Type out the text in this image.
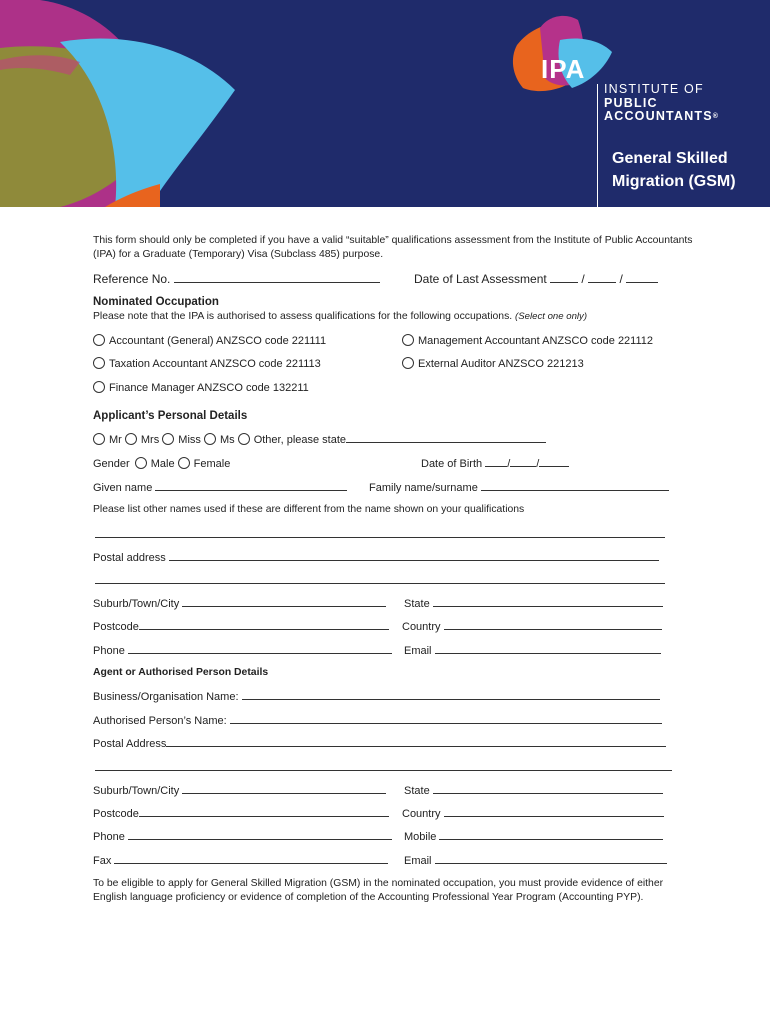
IPA
INSTITUTE OF
PUBLIC
ACCOUNTANTS®
General Skilled
Migration (GSM)
This form should only be completed if you have a valid “suitable” qualifications assessment from the Institute of Public Accountants (IPA) for a Graduate (Temporary) Visa (Subclass 485) purpose.
Reference No.	Date of Last Assessment	/	/
Nominated Occupation
Please note that the IPA is authorised to assess qualifications for the following occupations. (Select one only)
Accountant (General) ANZSCO code 221111	Management Accountant ANZSCO code 221112
Taxation Accountant ANZSCO code 221113	External Auditor ANZSCO 221213
Finance Manager ANZSCO code 132211
Applicant’s Personal Details
Mr Mrs Miss Ms Other, please state
Gender Male Female	Date of Birth / /
Given name	Family name/surname
Please list other names used if these are different from the name shown on your qualifications
Postal address
Suburb/Town/City	State
Postcode	Country
Phone	Email
Agent or Authorised Person Details
Business/Organisation Name:
Authorised Person’s Name:
Postal Address
Suburb/Town/City	State
Postcode	Country
Phone	Mobile
Fax	Email
To be eligible to apply for General Skilled Migration (GSM) in the nominated occupation, you must provide evidence of either English language proficiency or evidence of completion of the Accounting Professional Year Program (Accounting PYP).
